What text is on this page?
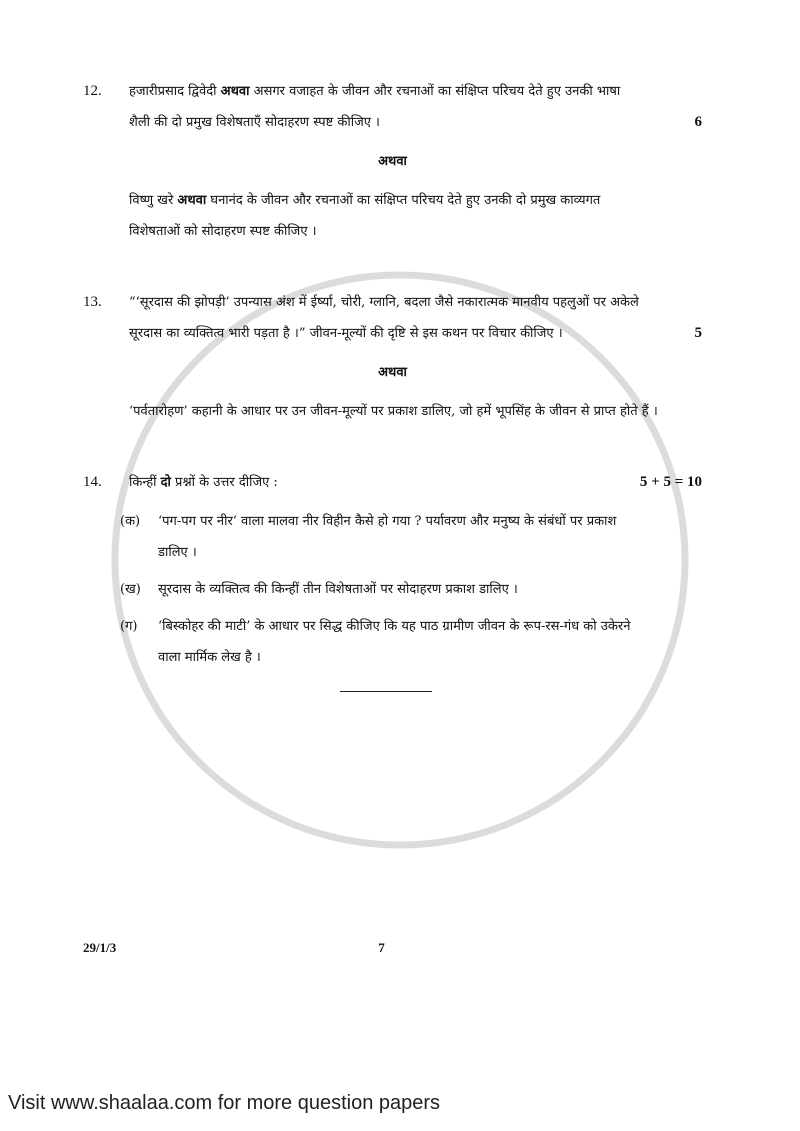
12.	हजारीप्रसाद द्विवेदी अथवा असगर वजाहत के जीवन और रचनाओं का संक्षिप्त परिचय देते हुए उनकी भाषा
शैली की दो प्रमुख विशेषताएँ सोदाहरण स्पष्ट कीजिए ।	6
अथवा
विष्णु खरे अथवा घनानंद के जीवन और रचनाओं का संक्षिप्त परिचय देते हुए उनकी दो प्रमुख काव्यगत
विशेषताओं को सोदाहरण स्पष्ट कीजिए ।
13.	“‘सूरदास की झोपड़ी’ उपन्यास अंश में ईर्ष्या, चोरी, ग्लानि, बदला जैसे नकारात्मक मानवीय पहलुओं पर अकेले
सूरदास का व्यक्तित्व भारी पड़ता है ।” जीवन-मूल्यों की दृष्टि से इस कथन पर विचार कीजिए ।	5
अथवा
‘पर्वतारोहण’ कहानी के आधार पर उन जीवन-मूल्यों पर प्रकाश डालिए, जो हमें भूपसिंह के जीवन से प्राप्त होते हैं ।
14.	किन्हीं दो प्रश्नों के उत्तर दीजिए :	5 + 5 = 10
(क)	‘पग-पग पर नीर’ वाला मालवा नीर विहीन कैसे हो गया ? पर्यावरण और मनुष्य के संबंधों पर प्रकाश
डालिए ।
(ख)	सूरदास के व्यक्तित्व की किन्हीं तीन विशेषताओं पर सोदाहरण प्रकाश डालिए ।
(ग)	‘बिस्कोहर की माटी’ के आधार पर सिद्ध कीजिए कि यह पाठ ग्रामीण जीवन के रूप-रस-गंध को उकेरने
वाला मार्मिक लेख है ।
29/1/3	7
Visit www.shaalaa.com for more question papers
